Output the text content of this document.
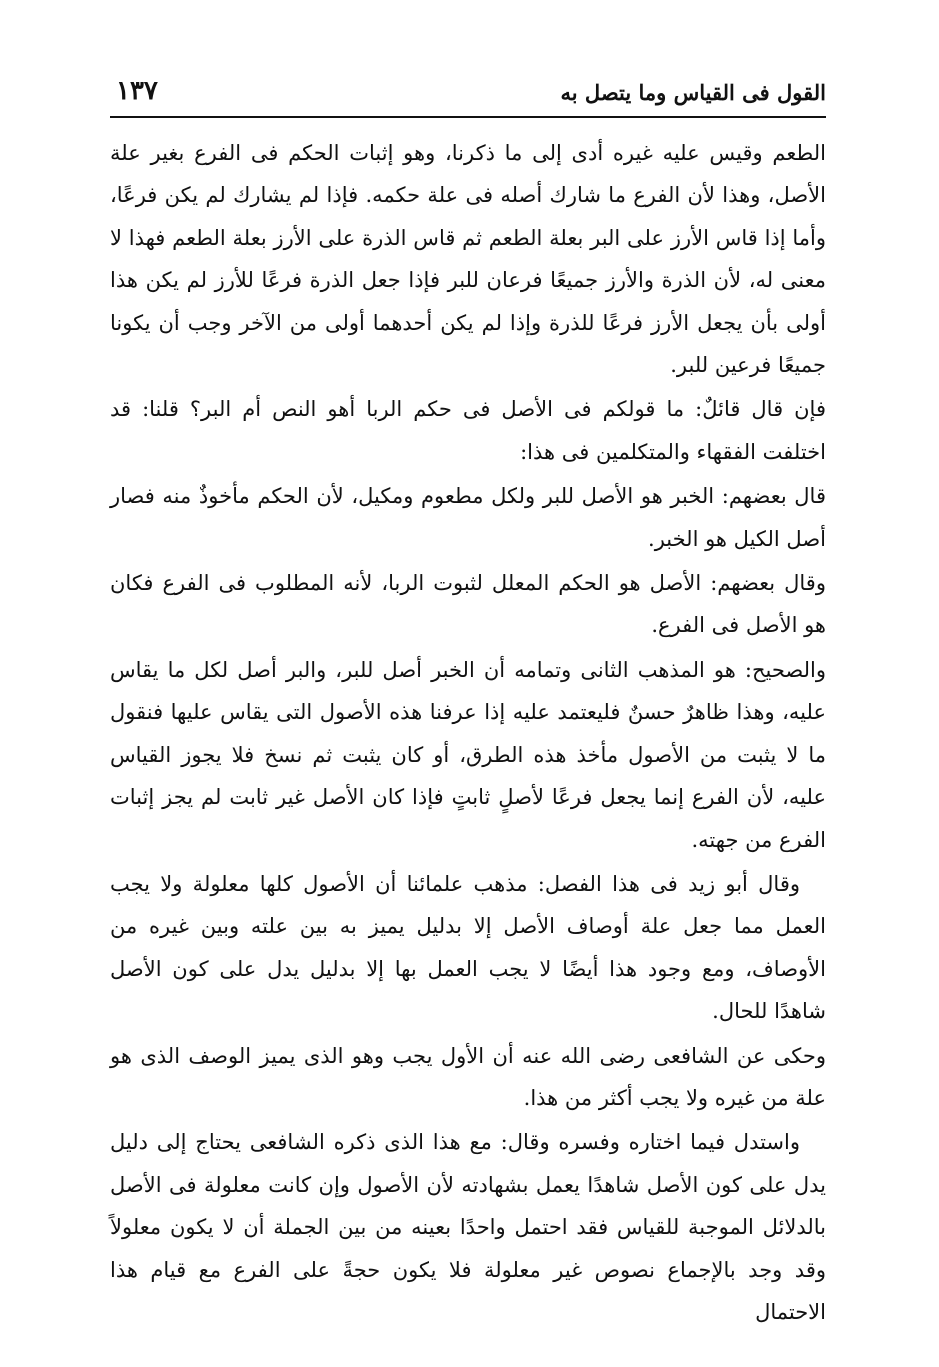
القول فى القياس وما يتصل به
١٣٧

الطعم وقيس عليه غيره أدى إلى ما ذكرنا، وهو إثبات الحكم فى الفرع بغير علة الأصل، وهذا لأن الفرع ما شارك أصله فى علة حكمه. فإذا لم يشارك لم يكن فرعًا، وأما إذا قاس الأرز على البر بعلة الطعم ثم قاس الذرة على الأرز بعلة الطعم فهذا لا معنى له، لأن الذرة والأرز جميعًا فرعان للبر فإذا جعل الذرة فرعًا للأرز لم يكن هذا أولى بأن يجعل الأرز فرعًا للذرة وإذا لم يكن أحدهما أولى من الآخر وجب أن يكونا جميعًا فرعين للبر.

فإن قال قائلٌ: ما قولكم فى الأصل فى حكم الربا أهو النص أم البر؟ قلنا: قد اختلفت الفقهاء والمتكلمين فى هذا:

قال بعضهم: الخبر هو الأصل للبر ولكل مطعوم ومكيل، لأن الحكم مأخوذٌ منه فصار أصل الكيل هو الخبر.

وقال بعضهم: الأصل هو الحكم المعلل لثبوت الربا، لأنه المطلوب فى الفرع فكان هو الأصل فى الفرع.

والصحيح: هو المذهب الثانى وتمامه أن الخبر أصل للبر، والبر أصل لكل ما يقاس عليه، وهذا ظاهرٌ حسنٌ فليعتمد عليه إذا عرفنا هذه الأصول التى يقاس عليها فنقول ما لا يثبت من الأصول مأخذ هذه الطرق، أو كان يثبت ثم نسخ فلا يجوز القياس عليه، لأن الفرع إنما يجعل فرعًا لأصلٍ ثابتٍ فإذا كان الأصل غير ثابت لم يجز إثبات الفرع من جهته.

وقال أبو زيد فى هذا الفصل: مذهب علمائنا أن الأصول كلها معلولة ولا يجب العمل مما جعل علة أوصاف الأصل إلا بدليل يميز به بين علته وبين غيره من الأوصاف، ومع وجود هذا أيضًا لا يجب العمل بها إلا بدليل يدل على كون الأصل شاهدًا للحال.

وحكى عن الشافعى رضى الله عنه أن الأول يجب وهو الذى يميز الوصف الذى هو علة من غيره ولا يجب أكثر من هذا.

واستدل فيما اختاره وفسره وقال: مع هذا الذى ذكره الشافعى يحتاج إلى دليل يدل على كون الأصل شاهدًا يعمل بشهادته لأن الأصول وإن كانت معلولة فى الأصل بالدلائل الموجبة للقياس فقد احتمل واحدًا بعينه من بين الجملة أن لا يكون معلولاً وقد وجد بالإجماع نصوص غير معلولة فلا يكون حجةً على الفرع مع قيام هذا الاحتمال
